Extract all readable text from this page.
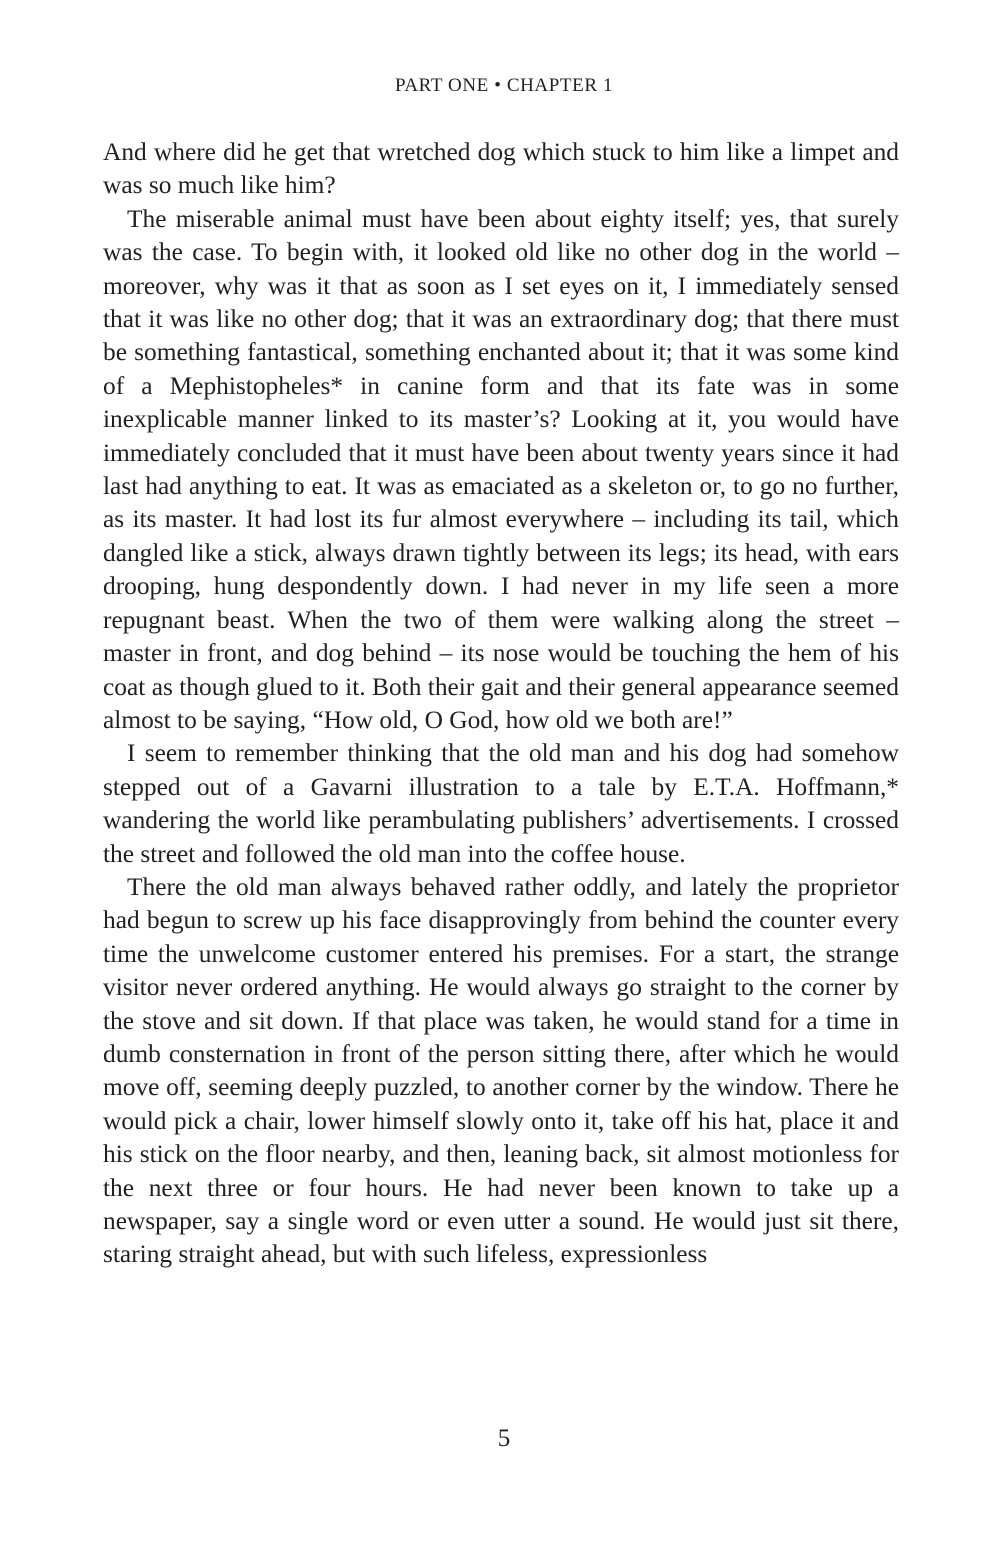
PART ONE • CHAPTER 1

And where did he get that wretched dog which stuck to him like a limpet and was so much like him?

The miserable animal must have been about eighty itself; yes, that surely was the case. To begin with, it looked old like no other dog in the world – moreover, why was it that as soon as I set eyes on it, I immediately sensed that it was like no other dog; that it was an extraordinary dog; that there must be something fantastical, something enchanted about it; that it was some kind of a Mephistopheles* in canine form and that its fate was in some inexplicable manner linked to its master’s? Looking at it, you would have immediately concluded that it must have been about twenty years since it had last had anything to eat. It was as emaciated as a skeleton or, to go no further, as its master. It had lost its fur almost everywhere – including its tail, which dangled like a stick, always drawn tightly between its legs; its head, with ears drooping, hung despondently down. I had never in my life seen a more repugnant beast. When the two of them were walking along the street – master in front, and dog behind – its nose would be touching the hem of his coat as though glued to it. Both their gait and their general appearance seemed almost to be saying, “How old, O God, how old we both are!”

I seem to remember thinking that the old man and his dog had somehow stepped out of a Gavarni illustration to a tale by E.T.A. Hoffmann,* wandering the world like perambulating publishers’ advertisements. I crossed the street and followed the old man into the coffee house.

There the old man always behaved rather oddly, and lately the proprietor had begun to screw up his face disapprovingly from behind the counter every time the unwelcome customer entered his premises. For a start, the strange visitor never ordered anything. He would always go straight to the corner by the stove and sit down. If that place was taken, he would stand for a time in dumb consternation in front of the person sitting there, after which he would move off, seeming deeply puzzled, to another corner by the window. There he would pick a chair, lower himself slowly onto it, take off his hat, place it and his stick on the floor nearby, and then, leaning back, sit almost motionless for the next three or four hours. He had never been known to take up a newspaper, say a single word or even utter a sound. He would just sit there, staring straight ahead, but with such lifeless, expressionless

5
